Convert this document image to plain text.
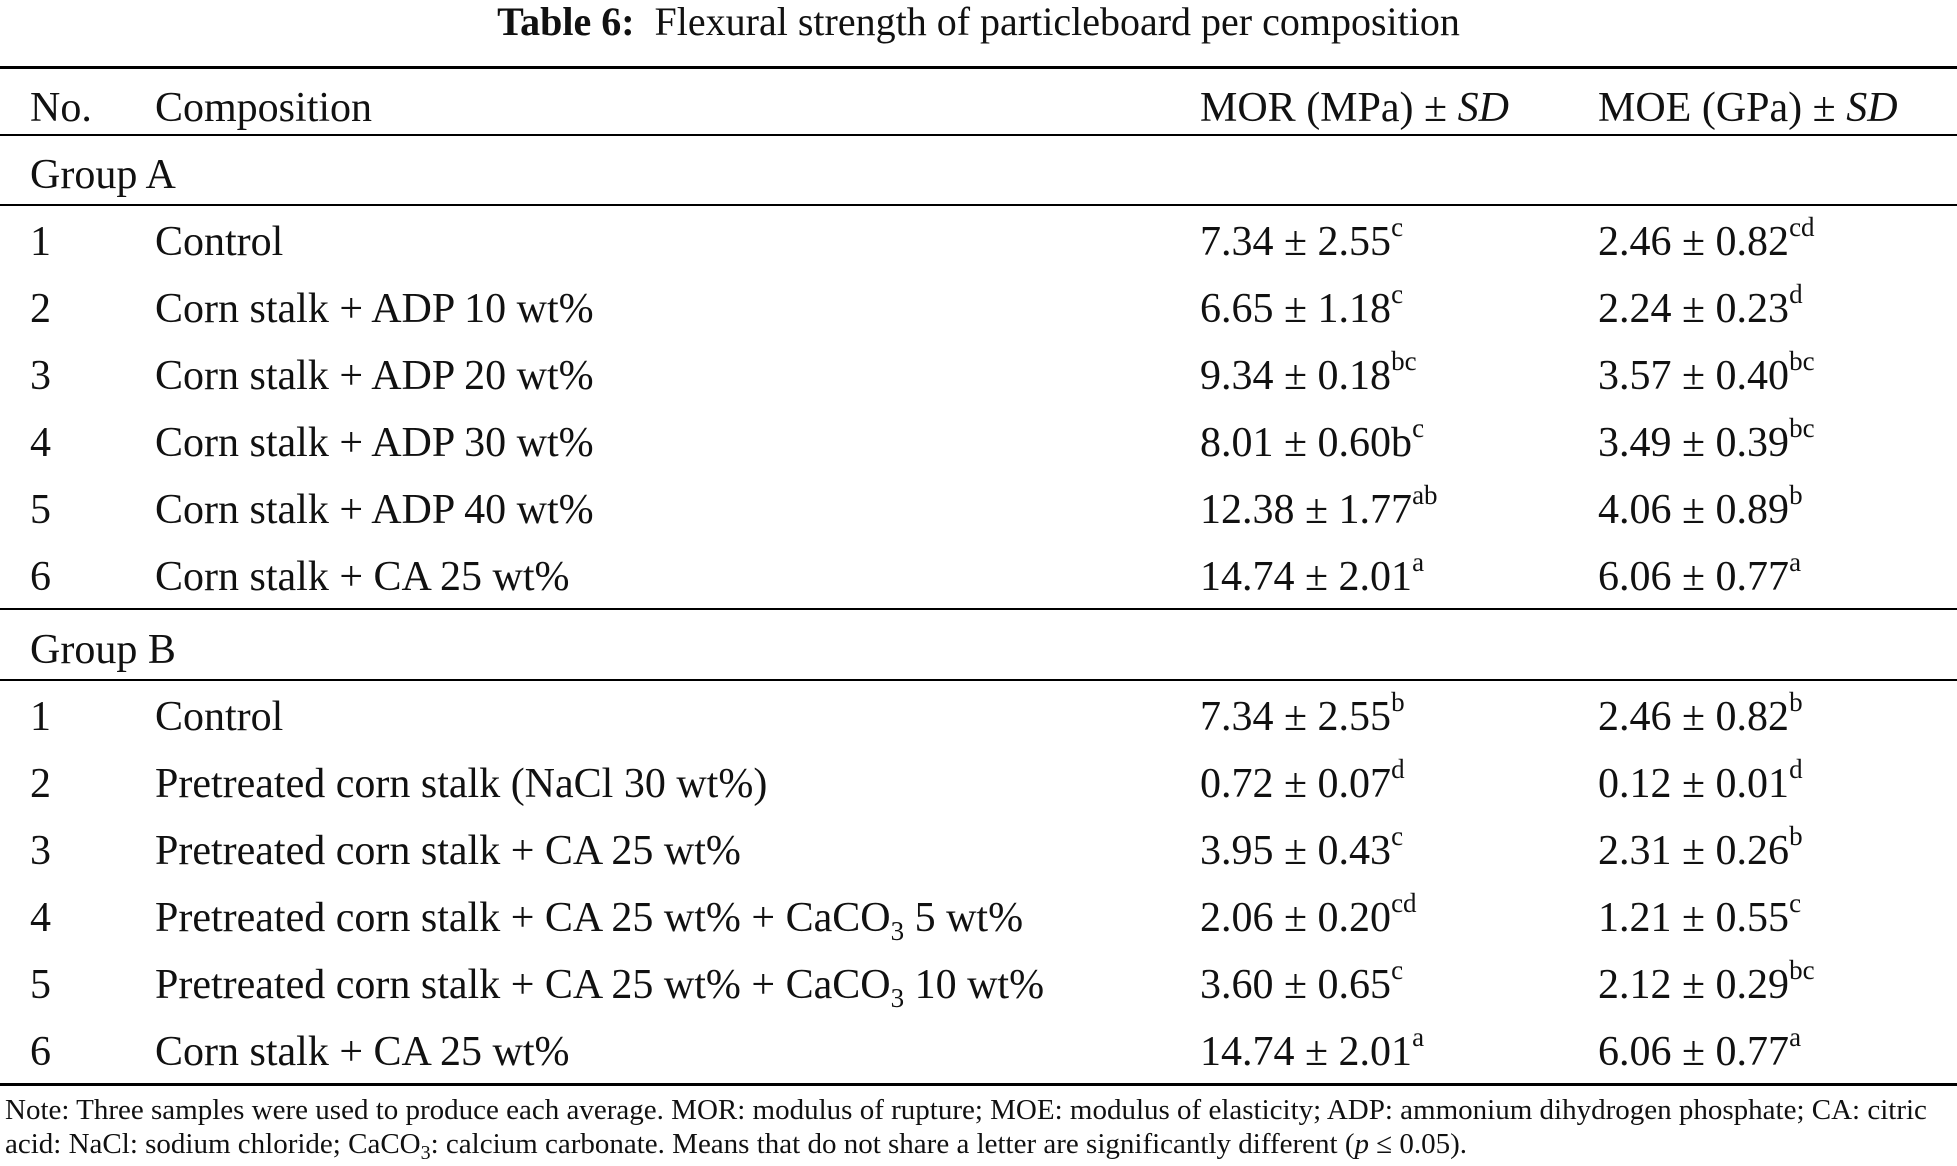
Table 6: Flexural strength of particleboard per composition
No. Composition	MOR (MPa) ± SD MOE (GPa) ± SD
Group A
1 Control	7.34 ± 2.55$^c$	2.46 ± 0.82$^{cd}$
2 Corn stalk + ADP 10 wt%	6.65 ± 1.18$^c$	2.24 ± 0.23$^d$
3 Corn stalk + ADP 20 wt%	9.34 ± 0.18$^{bc}$	3.57 ± 0.40$^{bc}$
4 Corn stalk + ADP 30 wt%	$8.01 \pm 0.60b^c$	3.49 ± 0.39$^{bc}$
5 Corn stalk + ADP 40 wt%	12.38 ± 1.77$^{ab}$	4.06 ± 0.89$^b$
6 Corn stalk + CA 25 wt%	14.74 ± 2.01$^a$	6.06 ± 0.77$^a$
Group B
1 Control	7.34 ± 2.55$^b$	2.46 ± 0.82$^b$
2 Pretreated corn stalk (NaCl 30 wt%)	0.72 ± 0.07$^d$	0.12 ± 0.01$^d$
3 Pretreated corn stalk + CA 25 wt%	3.95 ± 0.43$^c$	2.31 ± 0.26$^b$
4 Pretreated corn stalk + CA 25 wt% + CaCO$_3$ 5 wt%	2.06 ± 0.20$^{cd}$	1.21 ± 0.55$^c$
5 Pretreated corn stalk + CA 25 wt% + CaCO$_3$ 10 wt%	3.60 ± 0.65$^c$	2.12 ± 0.29$^{bc}$
6 Corn stalk + CA 25 wt%	14.74 ± 2.01$^a$	6.06 ± 0.77$^a$
Note: Three samples were used to produce each average. MOR: modulus of rupture; MOE: modulus of elasticity; ADP: ammonium dihydrogen phosphate; CA: citric acid: NaCl: sodium chloride; CaCO$_3$: calcium carbonate. Means that do not share a letter are significantly different (p ≤ 0.05).
